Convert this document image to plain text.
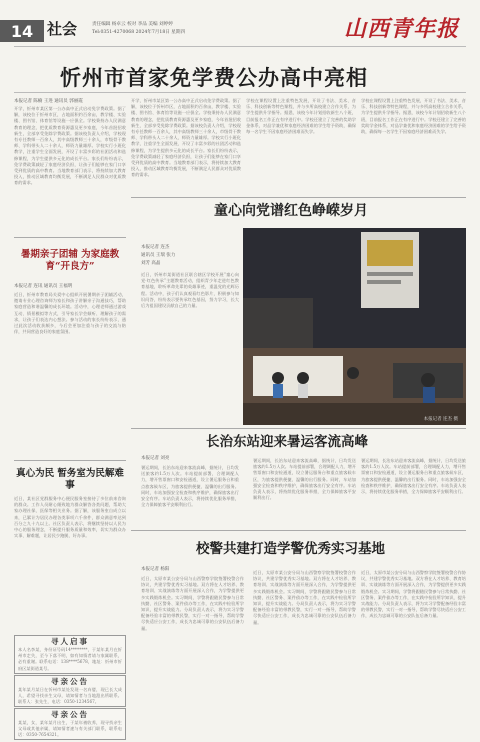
14 社会	责任编辑 杨卓云 校对 李品 美编 刘婷婷
Tel:0351-4270068 2024年7月18日 星期四	山西青年报
忻州市首家免学费公办高中亮相
本报记者 陈楠 王进 通讯员 郭丽霞
开学，忻州市某区第一公办高中正式启动免学费政策。据了解，该校位于忻州市区，占地面积约百余亩，教学楼、实验楼、图书馆、体育馆等设施一应俱全。学校秉持办人民满意教育的理念，把优质教育资源惠及更多家庭，今年首批招收新生，全部享受免除学费政策。据该校负责人介绍，学校现有专任教师一百余人，其中高级教师三十余人，市级骨干教师、学科带头人二十余人，师资力量雄厚。学校实行小班化教学，注重学生全面发展，开设了丰富多彩的社团活动和选修课程，为学生提供多元化的成长平台。家长们纷纷表示，免学费政策减轻了家庭经济负担，让孩子们能够在家门口享受到优质的高中教育。当地教育部门表示，将持续加大教育投入，推动区域教育均衡发展，不断满足人民群众对优质教育的需求。
开学，忻州市某区第一公办高中正式启动免学费政策。据了解，该校位于忻州市区，占地面积约百余亩，教学楼、实验楼、图书馆、体育馆等设施一应俱全。学校秉持办人民满意教育的理念，把优质教育资源惠及更多家庭，今年首批招收新生，全部享受免除学费政策。据该校负责人介绍，学校现有专任教师一百余人，其中高级教师三十余人，市级骨干教师、学科带头人二十余人，师资力量雄厚。学校实行小班化教学，注重学生全面发展，开设了丰富多彩的社团活动和选修课程，为学生提供多元化的成长平台。家长们纷纷表示，免学费政策减轻了家庭经济负担，让孩子们能够在家门口享受到优质的高中教育。当地教育部门表示，将持续加大教育投入，推动区域教育均衡发展，不断满足人民群众对优质教育的需求。
学校在课程设置上注重特色发展，开设了书法、美术、音乐、科技创新等特色课程，并与多所高校建立合作关系，为学生提供升学指导。据悉，该校今年计划招收新生八个班，目前报名工作正在有序进行中。学校还建立了完善的奖助学金体系，对品学兼优和家庭经济困难的学生给予资助，确保每一名学生不因家庭经济困难而失学。
学校在课程设置上注重特色发展，开设了书法、美术、音乐、科技创新等特色课程，并与多所高校建立合作关系，为学生提供升学指导。据悉，该校今年计划招收新生八个班，目前报名工作正在有序进行中。学校还建立了完善的奖助学金体系，对品学兼优和家庭经济困难的学生给予资助，确保每一名学生不因家庭经济困难而失学。
暑期亲子团辅 为家庭教育“开良方”
本报记者 连讯 通讯员 王福明
近日，忻州市教育局关爱中心组织开展暑期亲子团辅活动，邀请专业心理咨询师为家长和孩子讲解亲子沟通技巧，帮助家庭营造和谐温馨的成长环境。活动中，心理老师通过游戏互动、情景模拟等方式，引导家长学会倾听、理解孩子的需求，让孩子们表达内心想法。参与活动的家长纷纷表示，通过此次活动收获颇多，今后会更加注重与孩子的交流与陪伴，共同营造良好的家庭氛围。
真心为民 暂务室为民解难事
近日，某社区党群服务中心便民服务室接待了多位前来咨询的群众。工作人员耐心细致地为群众解答各类问题，帮助大家办理社保、医保等相关业务。据了解，该服务室自成立以来，已累计为居民办理各类事项六千余件，群众满意率达到百分之九十九以上。社区负责人表示，将继续坚持以人民为中心的服务理念，不断提升服务质量和效率，切实为群众办实事、解难题，让居民少跑腿、好办事。
寻人启事
本人名李某，身份证号码14********，于某年某月在忻州市走失，至今下落不明，如有知情者请与家属联系，必有重谢。联系电话：138****5678，地址：忻州市忻府区某街道某号。
寻亲公告
某年某月某日在忻州市某处发现一名弃婴，现已长大成人，希望寻找亲生父母，请知情者与当地派出所联系。联系人：张先生，电话：0350-1234567。
寻亲公告
某某，女，某年某月出生，于某年被收养，现寻找亲生父母或其他亲属，请知情者速与有关部门联系，联系电话：0350-7654321。
童心向党谱红色峥嵘岁月
本报记者 连杰
通讯员 王瑞 张力
刘芳 高晶
近日，忻州市某街道社区联合辖区学校开展“童心向党·红色传承”主题教育活动，组织青少年走进红色教育基地，聆听革命先辈的英雄事迹，重温党的光辉历程。活动中，孩子们认真观看红色影片，积极参与知识问答，纷纷表示要传承红色基因，努力学习，长大后为祖国建设贡献自己的力量。
本报记者 连杰 摄
长治东站迎来暑运客流高峰
本报记者 刘亮
暑运期间，长治东站迎来客流高峰，据统计，日均发送旅客约1.5万人次。车站提前部署，合理调配人力，增开售票窗口和安检通道，设立暑运服务台和重点旅客候车区，为旅客提供便捷、温馨的出行服务。同时，车站加强安全检查和秩序维护，确保旅客出行安全有序。车站负责人表示，将持续优化服务举措，全力保障旅客平安顺利出行。
暑运期间，长治东站迎来客流高峰，据统计，日均发送旅客约1.5万人次。车站提前部署，合理调配人力，增开售票窗口和安检通道，设立暑运服务台和重点旅客候车区，为旅客提供便捷、温馨的出行服务。同时，车站加强安全检查和秩序维护，确保旅客出行安全有序。车站负责人表示，将持续优化服务举措，全力保障旅客平安顺利出行。
暑运期间，长治东站迎来客流高峰，据统计，日均发送旅客约1.5万人次。车站提前部署，合理调配人力，增开售票窗口和安检通道，设立暑运服务台和重点旅客候车区，为旅客提供便捷、温馨的出行服务。同时，车站加强安全检查和秩序维护，确保旅客出行安全有序。车站负责人表示，将持续优化服务举措，全力保障旅客平安顺利出行。
校警共建打造学警优秀实习基地
本报记者 杨阳
近日，太原市某公安分局与山西警察学院签署校警合作协议，共建学警优秀实习基地。双方将在人才培养、教育培训、实战演练等方面开展深入合作，为学警提供更多实践锻炼机会。实习期间，学警将跟随民警参与日常执勤、社区警务、案件侦办等工作，在实践中检验所学知识，提升实战能力。分局负责人表示，将为实习学警配备经验丰富的带教民警，实行一对一指导，帮助学警尽快适应公安工作，成长为忠诚可靠的公安队伍后备力量。
近日，太原市某公安分局与山西警察学院签署校警合作协议，共建学警优秀实习基地。双方将在人才培养、教育培训、实战演练等方面开展深入合作，为学警提供更多实践锻炼机会。实习期间，学警将跟随民警参与日常执勤、社区警务、案件侦办等工作，在实践中检验所学知识，提升实战能力。分局负责人表示，将为实习学警配备经验丰富的带教民警，实行一对一指导，帮助学警尽快适应公安工作，成长为忠诚可靠的公安队伍后备力量。
近日，太原市某公安分局与山西警察学院签署校警合作协议，共建学警优秀实习基地。双方将在人才培养、教育培训、实战演练等方面开展深入合作，为学警提供更多实践锻炼机会。实习期间，学警将跟随民警参与日常执勤、社区警务、案件侦办等工作，在实践中检验所学知识，提升实战能力。分局负责人表示，将为实习学警配备经验丰富的带教民警，实行一对一指导，帮助学警尽快适应公安工作，成长为忠诚可靠的公安队伍后备力量。
